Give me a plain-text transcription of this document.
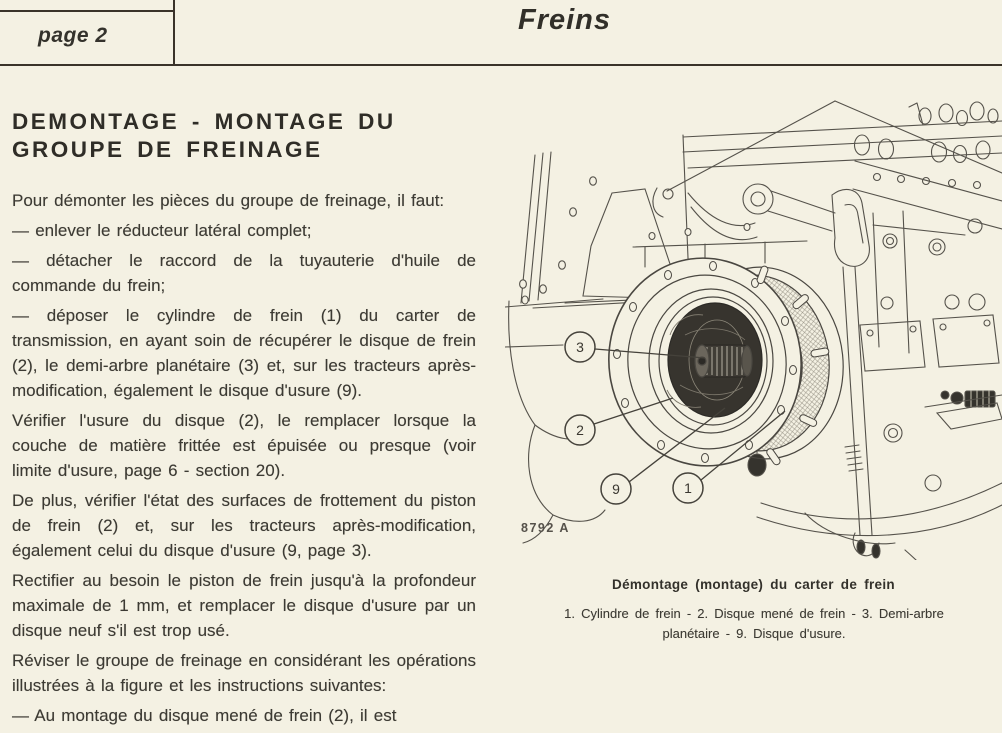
page 2	Freins
DEMONTAGE - MONTAGE DU
GROUPE DE FREINAGE

Pour démonter les pièces du groupe de freinage, il faut:

— enlever le réducteur latéral complet;

— détacher le raccord de la tuyauterie d'huile de commande du frein;

— déposer le cylindre de frein (1) du carter de transmission, en ayant soin de récupérer le disque de frein (2), le demi-arbre planétaire (3) et, sur les tracteurs après-modification, également le disque d'usure (9).

Vérifier l'usure du disque (2), le remplacer lorsque la couche de matière frittée est épuisée ou presque (voir limite d'usure, page 6 - section 20).

De plus, vérifier l'état des surfaces de frottement du piston de frein (2) et, sur les tracteurs après-modification, également celui du disque d'usure (9, page 3).

Rectifier au besoin le piston de frein jusqu'à la profondeur maximale de 1 mm, et remplacer le disque d'usure par un disque neuf s'il est trop usé.

Réviser le groupe de freinage en considérant les opérations illustrées à la figure et les instructions suivantes:

— Au montage du disque mené de frein (2), il est

3
2
9	1
8792 A
Démontage (montage) du carter de frein
1. Cylindre de frein - 2. Disque mené de frein - 3. Demi-arbre
planétaire - 9. Disque d'usure.
